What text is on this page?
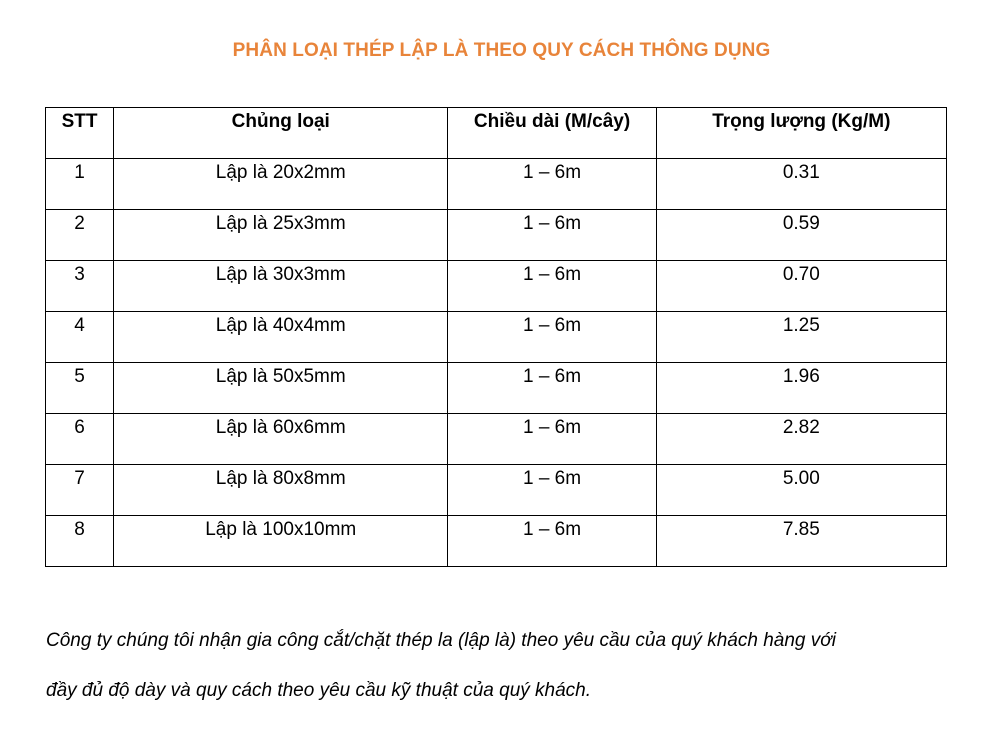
PHÂN LOẠI THÉP LẬP LÀ THEO QUY CÁCH THÔNG DỤNG
STT	Chủng loại	Chiều dài (M/cây)	Trọng lượng (Kg/M)
1	Lập là 20x2mm	1 – 6m	0.31
2	Lập là 25x3mm	1 – 6m	0.59
3	Lập là 30x3mm	1 – 6m	0.70
4	Lập là 40x4mm	1 – 6m	1.25
5	Lập là 50x5mm	1 – 6m	1.96
6	Lập là 60x6mm	1 – 6m	2.82
7	Lập là 80x8mm	1 – 6m	5.00
8	Lập là 100x10mm	1 – 6m	7.85
Công ty chúng tôi nhận gia công cắt/chặt thép la (lập là) theo yêu cầu của quý khách hàng với
đầy đủ độ dày và quy cách theo yêu cầu kỹ thuật của quý khách.
